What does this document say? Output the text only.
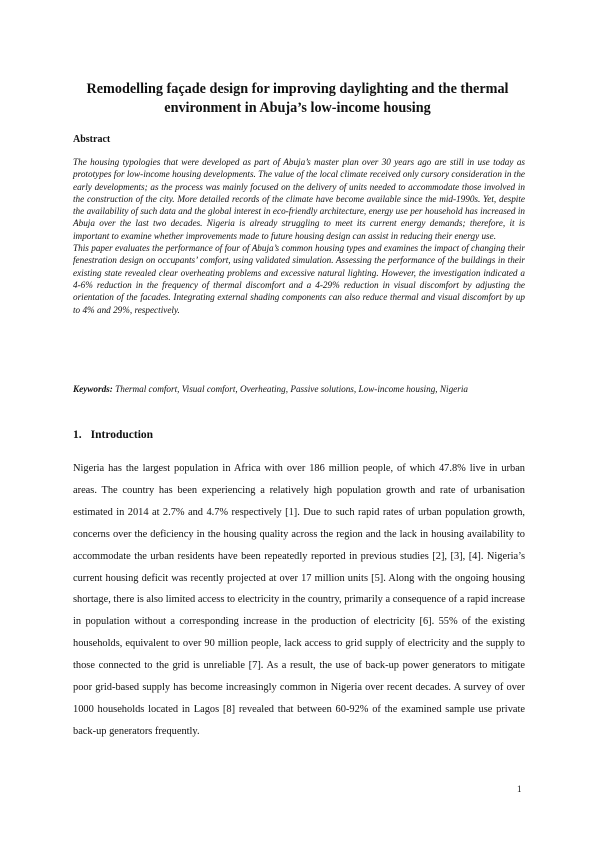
Remodelling façade design for improving daylighting and the thermal environment in Abuja’s low-income housing
Abstract

The housing typologies that were developed as part of Abuja’s master plan over 30 years ago are still in use today as prototypes for low-income housing developments. The value of the local climate received only cursory consideration in the early developments; as the process was mainly focused on the delivery of units needed to accommodate those involved in the construction of the city. More detailed records of the climate have become available since the mid-1990s. Yet, despite the availability of such data and the global interest in eco-friendly architecture, energy use per household has increased in Abuja over the last two decades. Nigeria is already struggling to meet its current energy demands; therefore, it is important to examine whether improvements made to future housing design can assist in reducing their energy use.

This paper evaluates the performance of four of Abuja’s common housing types and examines the impact of changing their fenestration design on occupants’ comfort, using validated simulation. Assessing the performance of the buildings in their existing state revealed clear overheating problems and excessive natural lighting. However, the investigation indicated a 4-6% reduction in the frequency of thermal discomfort and a 4-29% reduction in visual discomfort by adjusting the orientation of the facades. Integrating external shading components can also reduce thermal and visual discomfort by up to 4% and 29%, respectively.

Keywords: Thermal comfort, Visual comfort, Overheating, Passive solutions, Low-income housing, Nigeria
1. Introduction

Nigeria has the largest population in Africa with over 186 million people, of which 47.8% live in urban areas. The country has been experiencing a relatively high population growth and rate of urbanisation estimated in 2014 at 2.7% and 4.7% respectively [1]. Due to such rapid rates of urban population growth, concerns over the deficiency in the housing quality across the region and the lack in housing availability to accommodate the urban residents have been repeatedly reported in previous studies [2], [3], [4]. Nigeria’s current housing deficit was recently projected at over 17 million units [5]. Along with the ongoing housing shortage, there is also limited access to electricity in the country, primarily a consequence of a rapid increase in population without a corresponding increase in the production of electricity [6]. 55% of the existing households, equivalent to over 90 million people, lack access to grid supply of electricity and the supply to those connected to the grid is unreliable [7]. As a result, the use of back-up power generators to mitigate poor grid-based supply has become increasingly common in Nigeria over recent decades. A survey of over 1000 households located in Lagos [8] revealed that between 60-92% of the examined sample use private back-up generators frequently.

1
